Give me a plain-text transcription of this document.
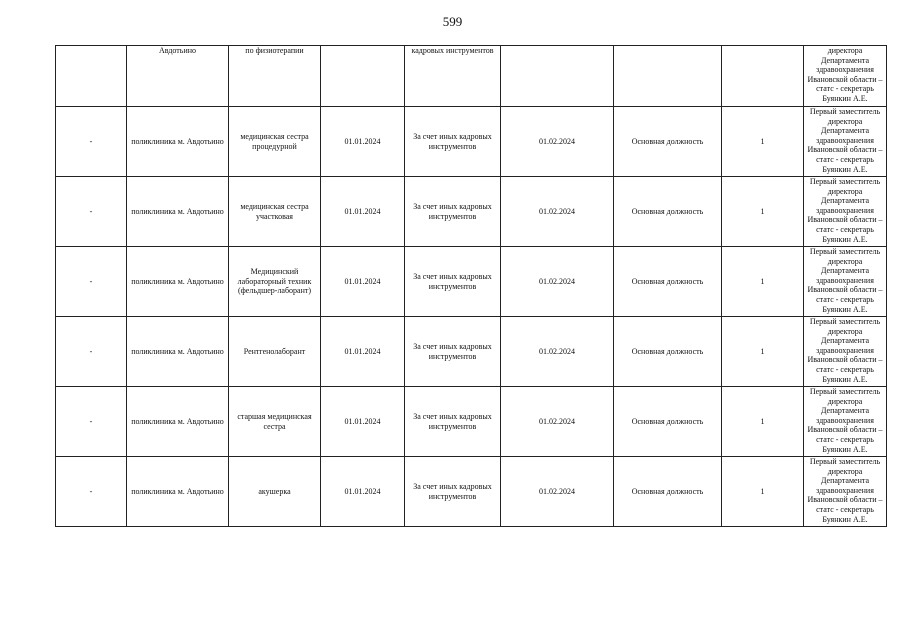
599
	Авдотьино	по физиотерапии		кадровых инструментов				директора Департамента здравоохранения Ивановской области – статс - секретарь Буянкин А.Е.
-	поликлиника м. Авдотьино	медицинская сестра процедурной	01.01.2024	За счет иных кадровых инструментов	01.02.2024	Основная должность	1	Первый заместитель директора Департамента здравоохранения Ивановской области – статс - секретарь Буянкин А.Е.
-	поликлиника м. Авдотьино	медицинская сестра участковая	01.01.2024	За счет иных кадровых инструментов	01.02.2024	Основная должность	1	Первый заместитель директора Департамента здравоохранения Ивановской области – статс - секретарь Буянкин А.Е.
-	поликлиника м. Авдотьино	Медицинский лабораторный техник (фельдшер-лаборант)	01.01.2024	За счет иных кадровых инструментов	01.02.2024	Основная должность	1	Первый заместитель директора Департамента здравоохранения Ивановской области – статс - секретарь Буянкин А.Е.
-	поликлиника м. Авдотьино	Рентгенолаборант	01.01.2024	За счет иных кадровых инструментов	01.02.2024	Основная должность	1	Первый заместитель директора Департамента здравоохранения Ивановской области – статс - секретарь Буянкин А.Е.
-	поликлиника м. Авдотьино	старшая медицинская сестра	01.01.2024	За счет иных кадровых инструментов	01.02.2024	Основная должность	1	Первый заместитель директора Департамента здравоохранения Ивановской области – статс - секретарь Буянкин А.Е.
-	поликлиника м. Авдотьино	акушерка	01.01.2024	За счет иных кадровых инструментов	01.02.2024	Основная должность	1	Первый заместитель директора Департамента здравоохранения Ивановской области – статс - секретарь Буянкин А.Е.
